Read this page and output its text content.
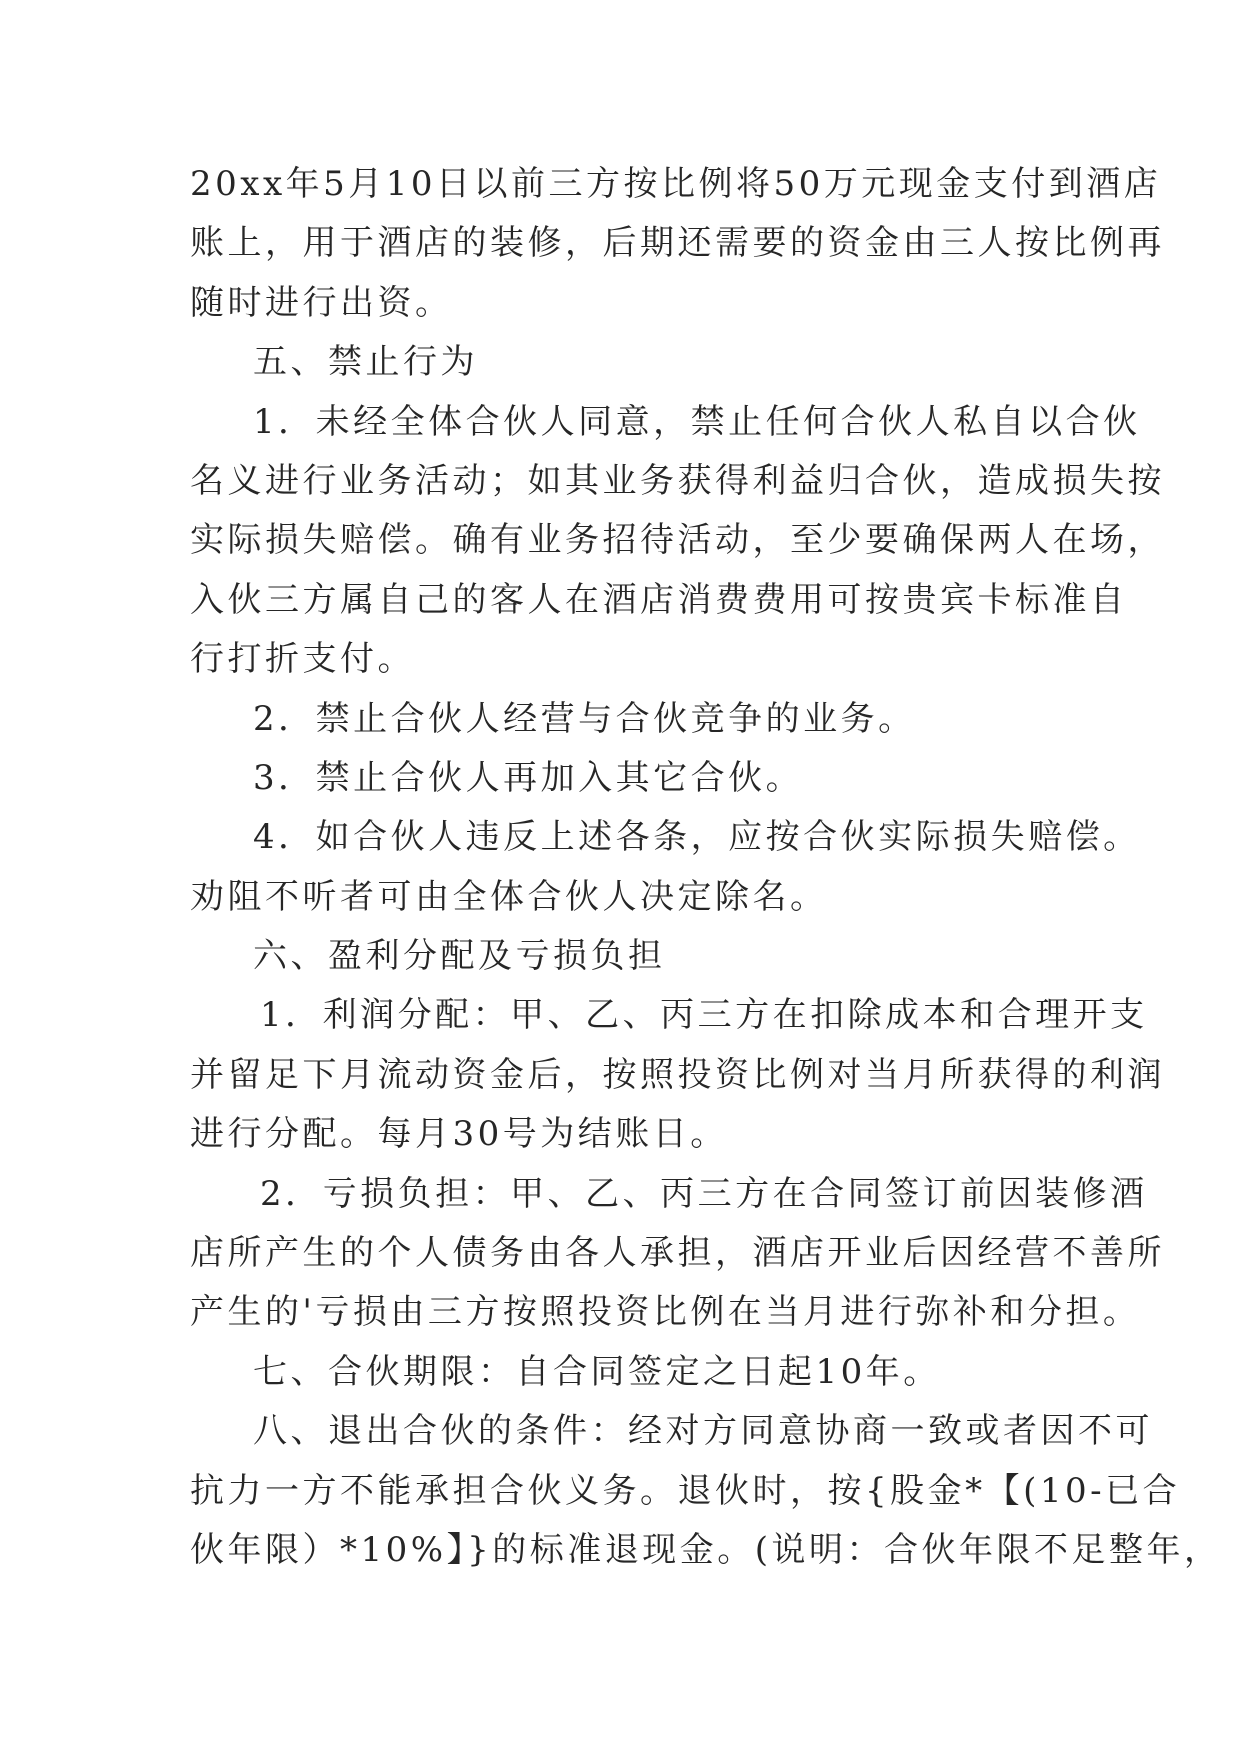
20xx年5月10日以前三方按比例将50万元现金支付到酒店
账上，用于酒店的装修，后期还需要的资金由三人按比例再
随时进行出资。
五、禁止行为
1．未经全体合伙人同意，禁止任何合伙人私自以合伙
名义进行业务活动；如其业务获得利益归合伙，造成损失按
实际损失赔偿。确有业务招待活动，至少要确保两人在场，
入伙三方属自己的客人在酒店消费费用可按贵宾卡标准自
行打折支付。
2．禁止合伙人经营与合伙竞争的业务。
3．禁止合伙人再加入其它合伙。
4．如合伙人违反上述各条，应按合伙实际损失赔偿。
劝阻不听者可由全体合伙人决定除名。
六、盈利分配及亏损负担
1．利润分配：甲、乙、丙三方在扣除成本和合理开支
并留足下月流动资金后，按照投资比例对当月所获得的利润
进行分配。每月30号为结账日。
2．亏损负担：甲、乙、丙三方在合同签订前因装修酒
店所产生的个人债务由各人承担，酒店开业后因经营不善所
产生的'亏损由三方按照投资比例在当月进行弥补和分担。
七、合伙期限：自合同签定之日起10年。
八、退出合伙的条件：经对方同意协商一致或者因不可
抗力一方不能承担合伙义务。退伙时，按{股金*【(10-已合
伙年限）*10%】}的标准退现金。(说明：合伙年限不足整年，
